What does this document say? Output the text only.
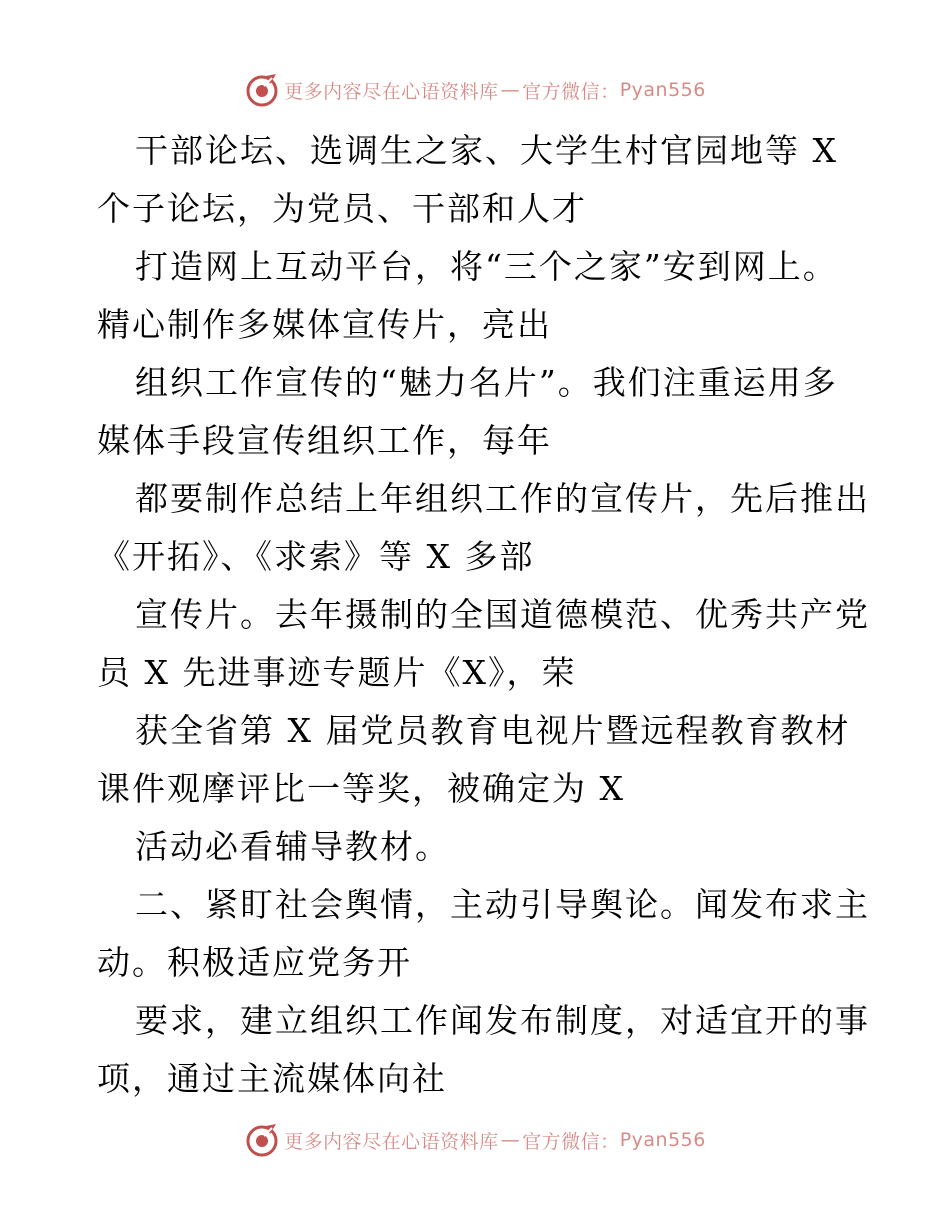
更多内容尽在心语资料库 — 官方微信： Pyan556
干部论坛、选调生之家、大学生村官园地等 X
个子论坛，为党员、干部和人才
打造网上互动平台，将“三个之家”安到网上。
精心制作多媒体宣传片，亮出
组织工作宣传的“魅力名片”。我们注重运用多
媒体手段宣传组织工作，每年
都要制作总结上年组织工作的宣传片，先后推出
《开拓》、《求索》等 X 多部
宣传片。去年摄制的全国道德模范、优秀共产党
员 X 先进事迹专题片《X》，荣
获全省第 X 届党员教育电视片暨远程教育教材
课件观摩评比一等奖，被确定为 X
活动必看辅导教材。
二、紧盯社会舆情，主动引导舆论。闻发布求主
动。积极适应党务开
要求，建立组织工作闻发布制度，对适宜开的事
项，通过主流媒体向社
更多内容尽在心语资料库 — 官方微信： Pyan556
